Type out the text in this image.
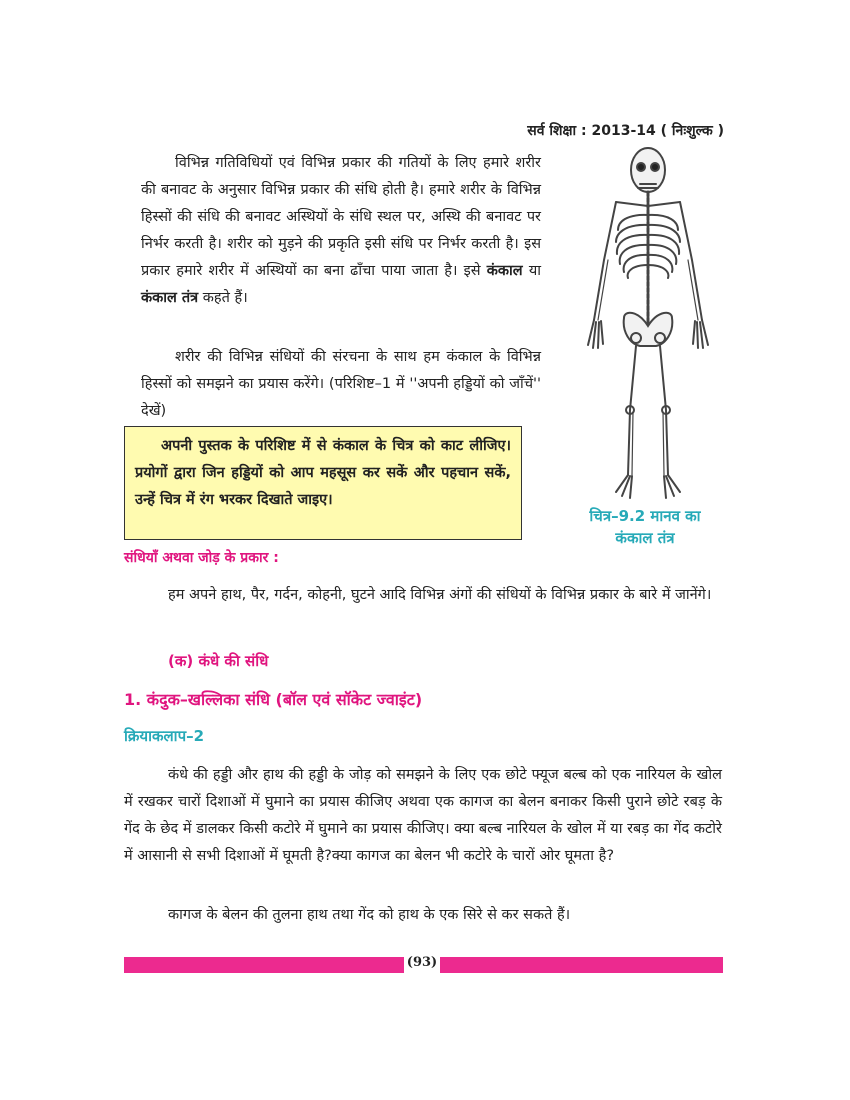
सर्व शिक्षा : 2013-14 ( निःशुल्क )
विभिन्न गतिविधियों एवं विभिन्न प्रकार की गतियों के लिए हमारे शरीर की बनावट के अनुसार विभिन्न प्रकार की संधि होती है। हमारे शरीर के विभिन्न हिस्सों की संधि की बनावट अस्थियों के संधि स्थल पर, अस्थि की बनावट पर निर्भर करती है। शरीर को मुड़ने की प्रकृति इसी संधि पर निर्भर करती है। इस प्रकार हमारे शरीर में अस्थियों का बना ढाँचा पाया जाता है। इसे कंकाल या कंकाल तंत्र कहते हैं।
शरीर की विभिन्न संधियों की संरचना के साथ हम कंकाल के विभिन्न हिस्सों को समझने का प्रयास करेंगे। (परिशिष्ट–1 में ''अपनी हड्डियों को जाँचें'' देखें)
अपनी पुस्तक के परिशिष्ट में से कंकाल के चित्र को काट लीजिए। प्रयोगों द्वारा जिन हड्डियों को आप महसूस कर सकें और पहचान सकें, उन्हें चित्र में रंग भरकर दिखाते जाइए।
चित्र–9.2 मानव का
कंकाल तंत्र
संधियाँ अथवा जोड़ के प्रकार :
हम अपने हाथ, पैर, गर्दन, कोहनी, घुटने आदि विभिन्न अंगों की संधियों के विभिन्न प्रकार के बारे में जानेंगे।
(क) कंधे की संधि
1. कंदुक–खल्लिका संधि (बॉल एवं सॉकेट ज्वाइंट)
क्रियाकलाप–2
कंधे की हड्डी और हाथ की हड्डी के जोड़ को समझने के लिए एक छोटे फ्यूज बल्ब को एक नारियल के खोल में रखकर चारों दिशाओं में घुमाने का प्रयास कीजिए अथवा एक कागज का बेलन बनाकर किसी पुराने छोटे रबड़ के गेंद के छेद में डालकर किसी कटोरे में घुमाने का प्रयास कीजिए। क्या बल्ब नारियल के खोल में या रबड़ का गेंद कटोरे में आसानी से सभी दिशाओं में घूमती है?क्या कागज का बेलन भी कटोरे के चारों ओर घूमता है?
कागज के बेलन की तुलना हाथ तथा गेंद को हाथ के एक सिरे से कर सकते हैं।
(93)
